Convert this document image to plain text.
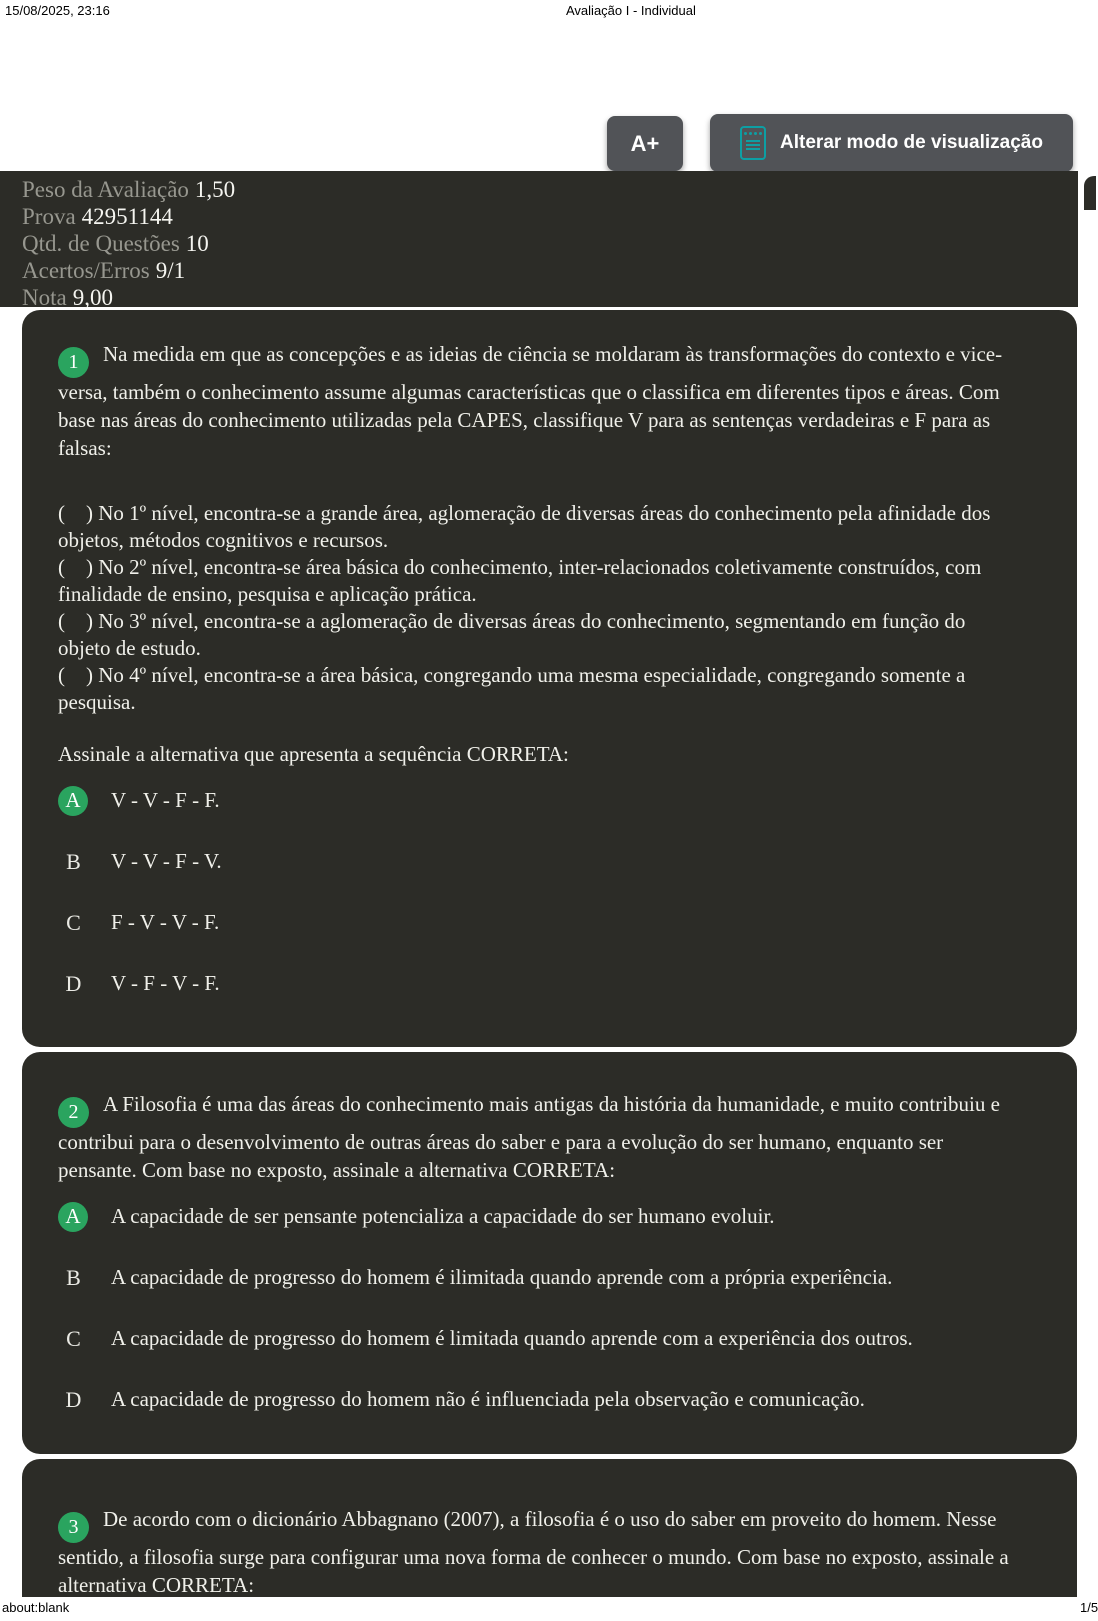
15/08/2025, 23:16	Avaliação I - Individual
A+	Alterar modo de visualização
Peso da Avaliação 1,50
Prova 42951144
Qtd. de Questões 10
Acertos/Erros 9/1
Nota 9,00

1 Na medida em que as concepções e as ideias de ciência se moldaram às transformações do contexto e vice-versa, também o conhecimento assume algumas características que o classifica em diferentes tipos e áreas. Com base nas áreas do conhecimento utilizadas pela CAPES, classifique V para as sentenças verdadeiras e F para as falsas:

(    ) No 1º nível, encontra-se a grande área, aglomeração de diversas áreas do conhecimento pela afinidade dos objetos, métodos cognitivos e recursos.

(    ) No 2º nível, encontra-se área básica do conhecimento, inter-relacionados coletivamente construídos, com finalidade de ensino, pesquisa e aplicação prática.

(    ) No 3º nível, encontra-se a aglomeração de diversas áreas do conhecimento, segmentando em função do objeto de estudo.

(    ) No 4º nível, encontra-se a área básica, congregando uma mesma especialidade, congregando somente a pesquisa.

Assinale a alternativa que apresenta a sequência CORRETA:

A	V - V - F - F.
B	V - V - F - V.
C	F - V - V - F.
D	V - F - V - F.

2 A Filosofia é uma das áreas do conhecimento mais antigas da história da humanidade, e muito contribuiu e contribui para o desenvolvimento de outras áreas do saber e para a evolução do ser humano, enquanto ser pensante. Com base no exposto, assinale a alternativa CORRETA:

A	A capacidade de ser pensante potencializa a capacidade do ser humano evoluir.
B	A capacidade de progresso do homem é ilimitada quando aprende com a própria experiência.
C	A capacidade de progresso do homem é limitada quando aprende com a experiência dos outros.
D	A capacidade de progresso do homem não é influenciada pela observação e comunicação.

3 De acordo com o dicionário Abbagnano (2007), a filosofia é o uso do saber em proveito do homem. Nesse sentido, a filosofia surge para configurar uma nova forma de conhecer o mundo. Com base no exposto, assinale a alternativa CORRETA:

about:blank	1/5
